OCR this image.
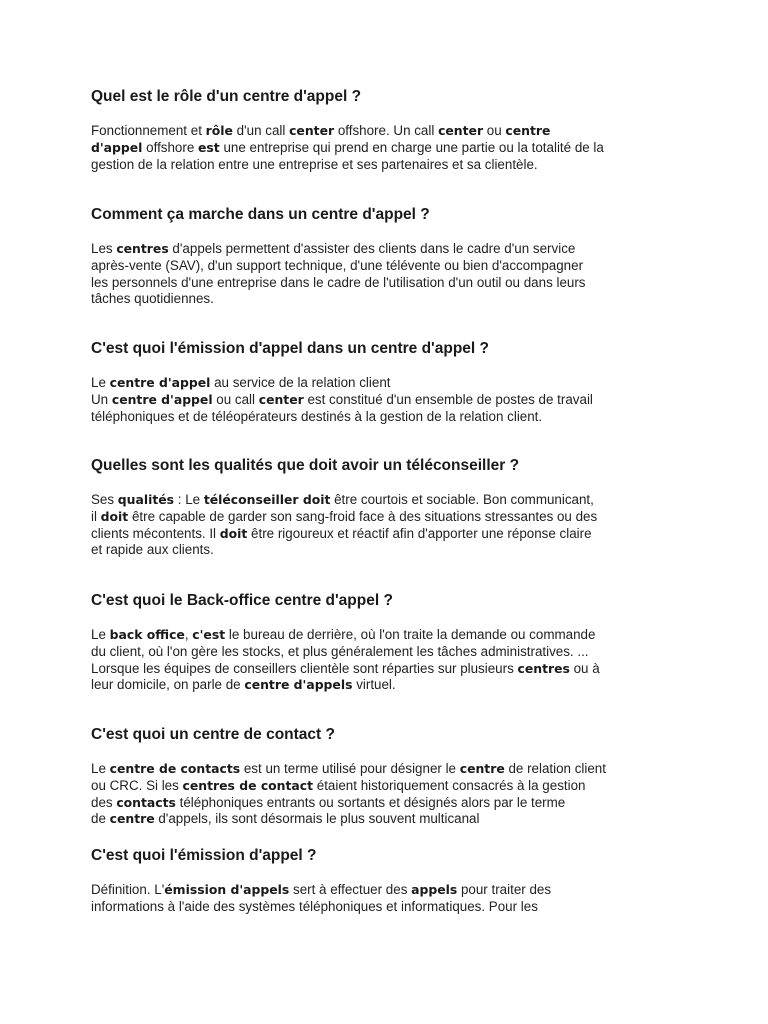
Quel est le rôle d'un centre d'appel ?

Fonctionnement et rôle d'un call center offshore. Un call center ou centre
d'appel offshore est une entreprise qui prend en charge une partie ou la totalité de la
gestion de la relation entre une entreprise et ses partenaires et sa clientèle.

Comment ça marche dans un centre d'appel ?

Les centres d'appels permettent d'assister des clients dans le cadre d'un service
après-vente (SAV), d'un support technique, d'une télévente ou bien d'accompagner
les personnels d'une entreprise dans le cadre de l'utilisation d'un outil ou dans leurs
tâches quotidiennes.

C'est quoi l'émission d'appel dans un centre d'appel ?

Le centre d'appel au service de la relation client
Un centre d'appel ou call center est constitué d'un ensemble de postes de travail
téléphoniques et de téléopérateurs destinés à la gestion de la relation client.

Quelles sont les qualités que doit avoir un téléconseiller ?

Ses qualités : Le téléconseiller doit être courtois et sociable. Bon communicant,
il doit être capable de garder son sang-froid face à des situations stressantes ou des
clients mécontents. Il doit être rigoureux et réactif afin d'apporter une réponse claire
et rapide aux clients.

C'est quoi le Back-office centre d'appel ?

Le back office, c'est le bureau de derrière, où l'on traite la demande ou commande
du client, où l'on gère les stocks, et plus généralement les tâches administratives. ...
Lorsque les équipes de conseillers clientèle sont réparties sur plusieurs centres ou à
leur domicile, on parle de centre d'appels virtuel.

C'est quoi un centre de contact ?

Le centre de contacts est un terme utilisé pour désigner le centre de relation client
ou CRC. Si les centres de contact étaient historiquement consacrés à la gestion
des contacts téléphoniques entrants ou sortants et désignés alors par le terme
de centre d'appels, ils sont désormais le plus souvent multicanal

C'est quoi l'émission d'appel ?

Définition. L'émission d'appels sert à effectuer des appels pour traiter des
informations à l'aide des systèmes téléphoniques et informatiques. Pour les
